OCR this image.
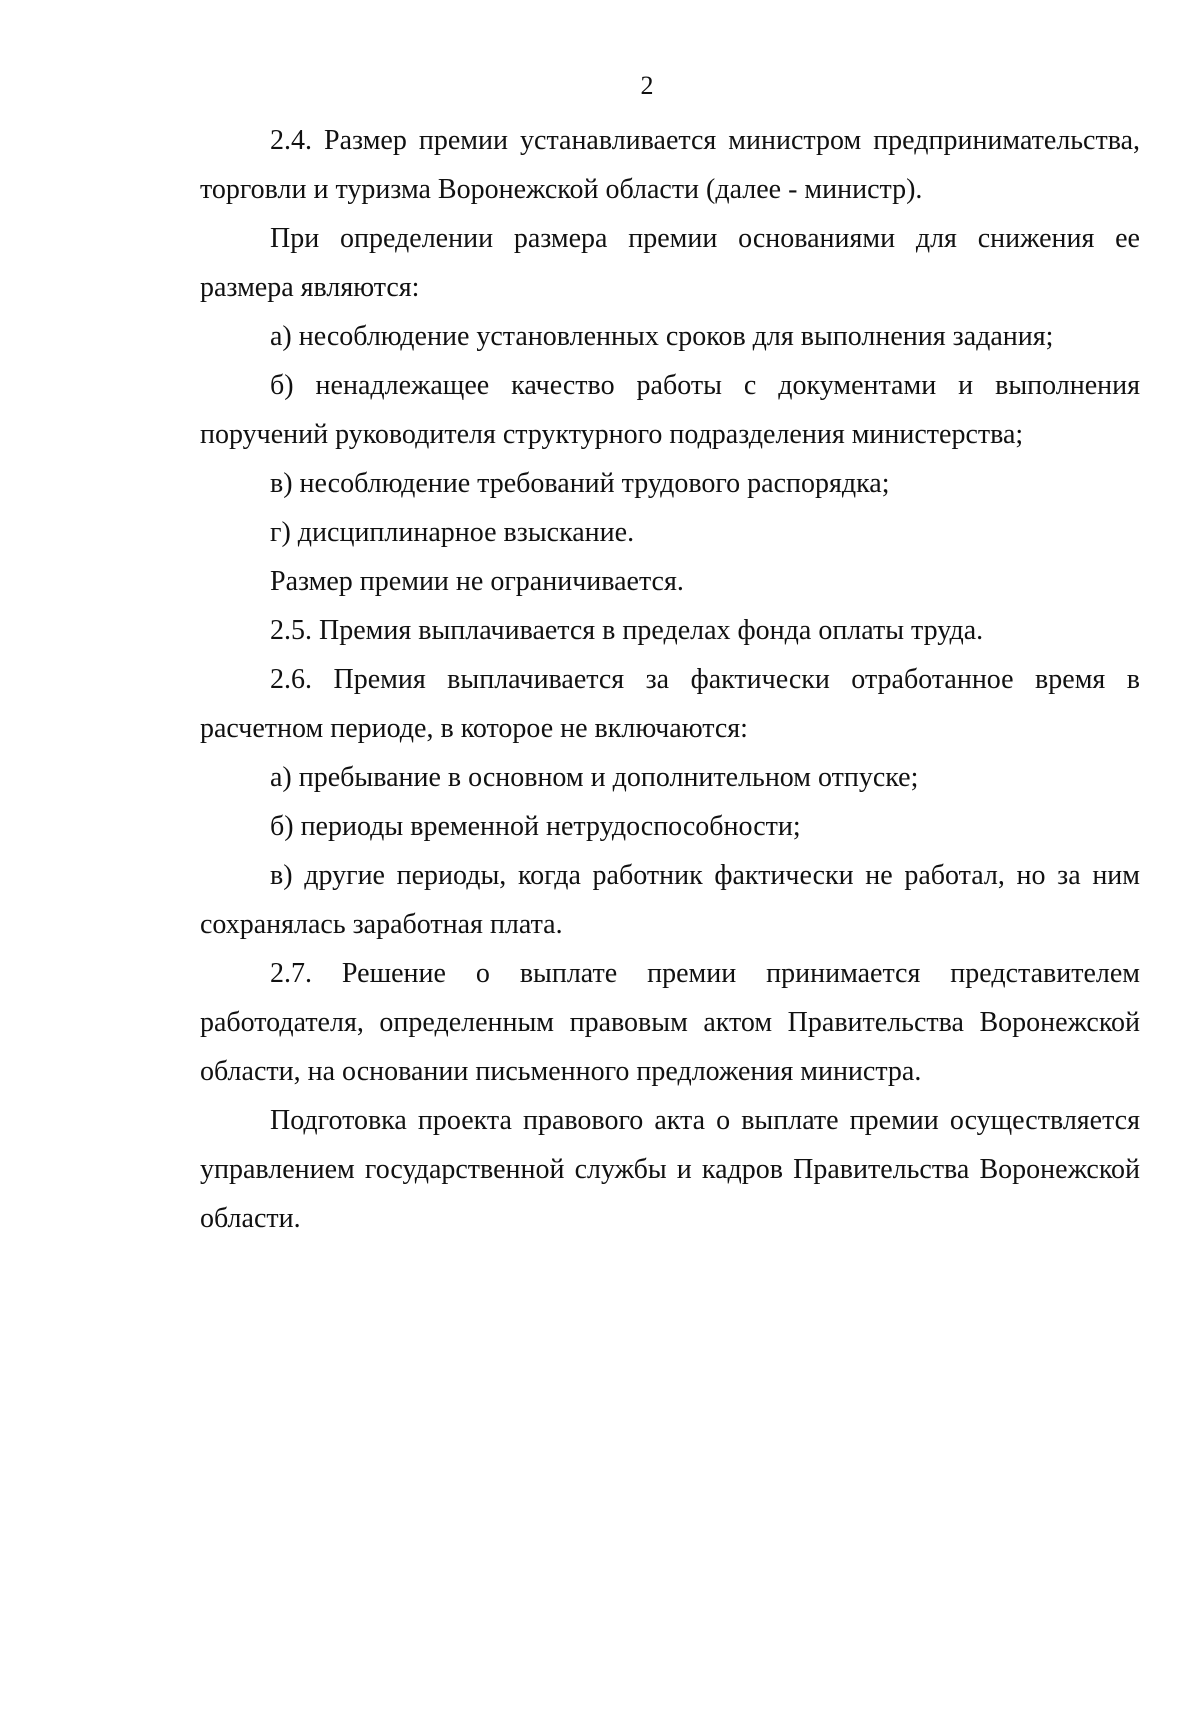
2

2.4. Размер премии устанавливается министром предпринимательства, торговли и туризма Воронежской области (далее - министр).

При определении размера премии основаниями для снижения ее размера являются:

а) несоблюдение установленных сроков для выполнения задания;

б) ненадлежащее качество работы с документами и выполнения поручений руководителя структурного подразделения министерства;

в) несоблюдение требований трудового распорядка;

г) дисциплинарное взыскание.

Размер премии не ограничивается.

2.5. Премия выплачивается в пределах фонда оплаты труда.

2.6. Премия выплачивается за фактически отработанное время в расчетном периоде, в которое не включаются:

а) пребывание в основном и дополнительном отпуске;

б) периоды временной нетрудоспособности;

в) другие периоды, когда работник фактически не работал, но за ним сохранялась заработная плата.

2.7. Решение о выплате премии принимается представителем работодателя, определенным правовым актом Правительства Воронежской области, на основании письменного предложения министра.

Подготовка проекта правового акта о выплате премии осуществляется управлением государственной службы и кадров Правительства Воронежской области.
